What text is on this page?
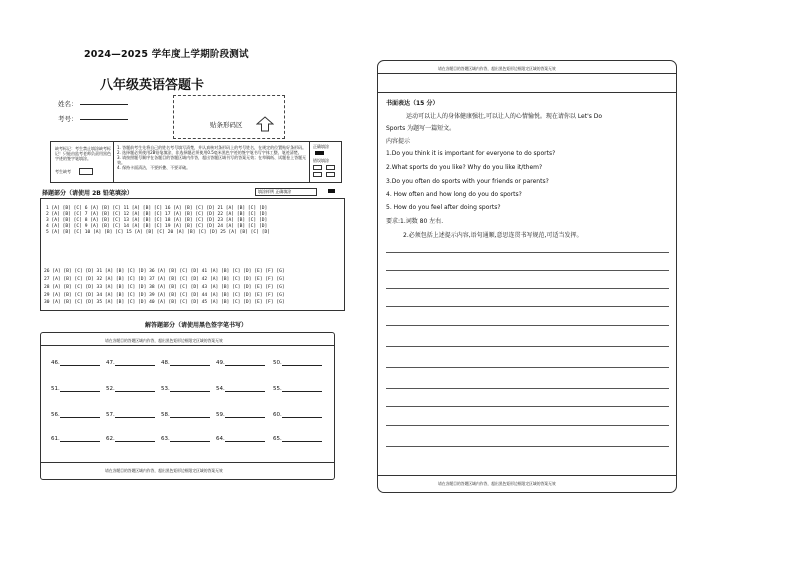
2024—2025 学年度上学期阶段测试
八年级英语答题卡
姓名：
考号：
贴条形码区
缺考标记：考生禁止填涂缺考标记！只能由监考老师负责用黑色字迹的签字笔填涂。
考生缺考
1. 答题前考生先将自己的姓名考号填写清楚，并认真核对条形码上的考号姓名，在规定的位置贴好条形码。
2. 选择题必须使用2B铅笔填涂，非选择题必须使用0.5毫米黑色字迹的签字笔书写字体工整、笔迹清楚。
3. 请按照题号顺序在各题目的答题区域内作答，超出答题区域书写的答案无效；在草稿纸、试题卷上答题无效。
4. 保持卡面清洁，不要折叠、不要弄破。
正确填涂
错误填涂
择题部分（请使用 2B 铅笔填涂）	填涂样例 正确填涂
1 [A] [B] [C] 6 [A] [B] [C] 11 [A] [B] [C] 16 [A] [B] [C] [D] 21 [A] [B] [C] [D]
2 [A] [B] [C] 7 [A] [B] [C] 12 [A] [B] [C] 17 [A] [B] [C] [D] 22 [A] [B] [C] [D]
3 [A] [B] [C] 8 [A] [B] [C] 13 [A] [B] [C] 18 [A] [B] [C] [D] 23 [A] [B] [C] [D]
4 [A] [B] [C] 9 [A] [B] [C] 14 [A] [B] [C] 19 [A] [B] [C] [D] 24 [A] [B] [C] [D]
5 [A] [B] [C] 10 [A] [B] [C] 15 [A] [B] [C] 20 [A] [B] [C] [D] 25 [A] [B] [C] [D]
26 [A] [B] [C] [D] 31 [A] [B] [C] [D] 36 [A] [B] [C] [D] 41 [A] [B] [C] [D] [E] [F] [G]
27 [A] [B] [C] [D] 32 [A] [B] [C] [D] 37 [A] [B] [C] [D] 42 [A] [B] [C] [D] [E] [F] [G]
28 [A] [B] [C] [D] 33 [A] [B] [C] [D] 38 [A] [B] [C] [D] 43 [A] [B] [C] [D] [E] [F] [G]
29 [A] [B] [C] [D] 34 [A] [B] [C] [D] 39 [A] [B] [C] [D] 44 [A] [B] [C] [D] [E] [F] [G]
30 [A] [B] [C] [D] 35 [A] [B] [C] [D] 40 [A] [B] [C] [D] 45 [A] [B] [C] [D] [E] [F] [G]
解答题部分（请使用黑色签字笔书写）
请在各题目的答题区域内作答，超出黑色矩形边框限定区域的答案无效
46.	47.	48.	49.	50.
51.	52.	53.	54.	55.
56.	57.	58.	59.	60.
61.	62.	63.	64.	65.
请在各题目的答题区域内作答，超出黑色矩形边框限定区域的答案无效
请在各题目的答题区域内作答，超出黑色矩形边框限定区域的答案无效
书面表达（15 分）
运动可以让人的身体健康强壮,可以让人的心情愉悦。现在请你以 Let's Do
Sports 为题写一篇短文。
内容提示
1.Do you think it is important for everyone to do sports?
2.What sports do you like? Why do you like it/them?
3.Do you often do sports with your friends or parents?
4. How often and how long do you do sports?
5. How do you feel after doing sports?
要求:1.词数 80 左右.
2.必须包括上述提示内容,语句通顺,意思连贯书写规范,可适当发挥。
请在各题目的答题区域内作答，超出黑色矩形边框限定区域的答案无效
